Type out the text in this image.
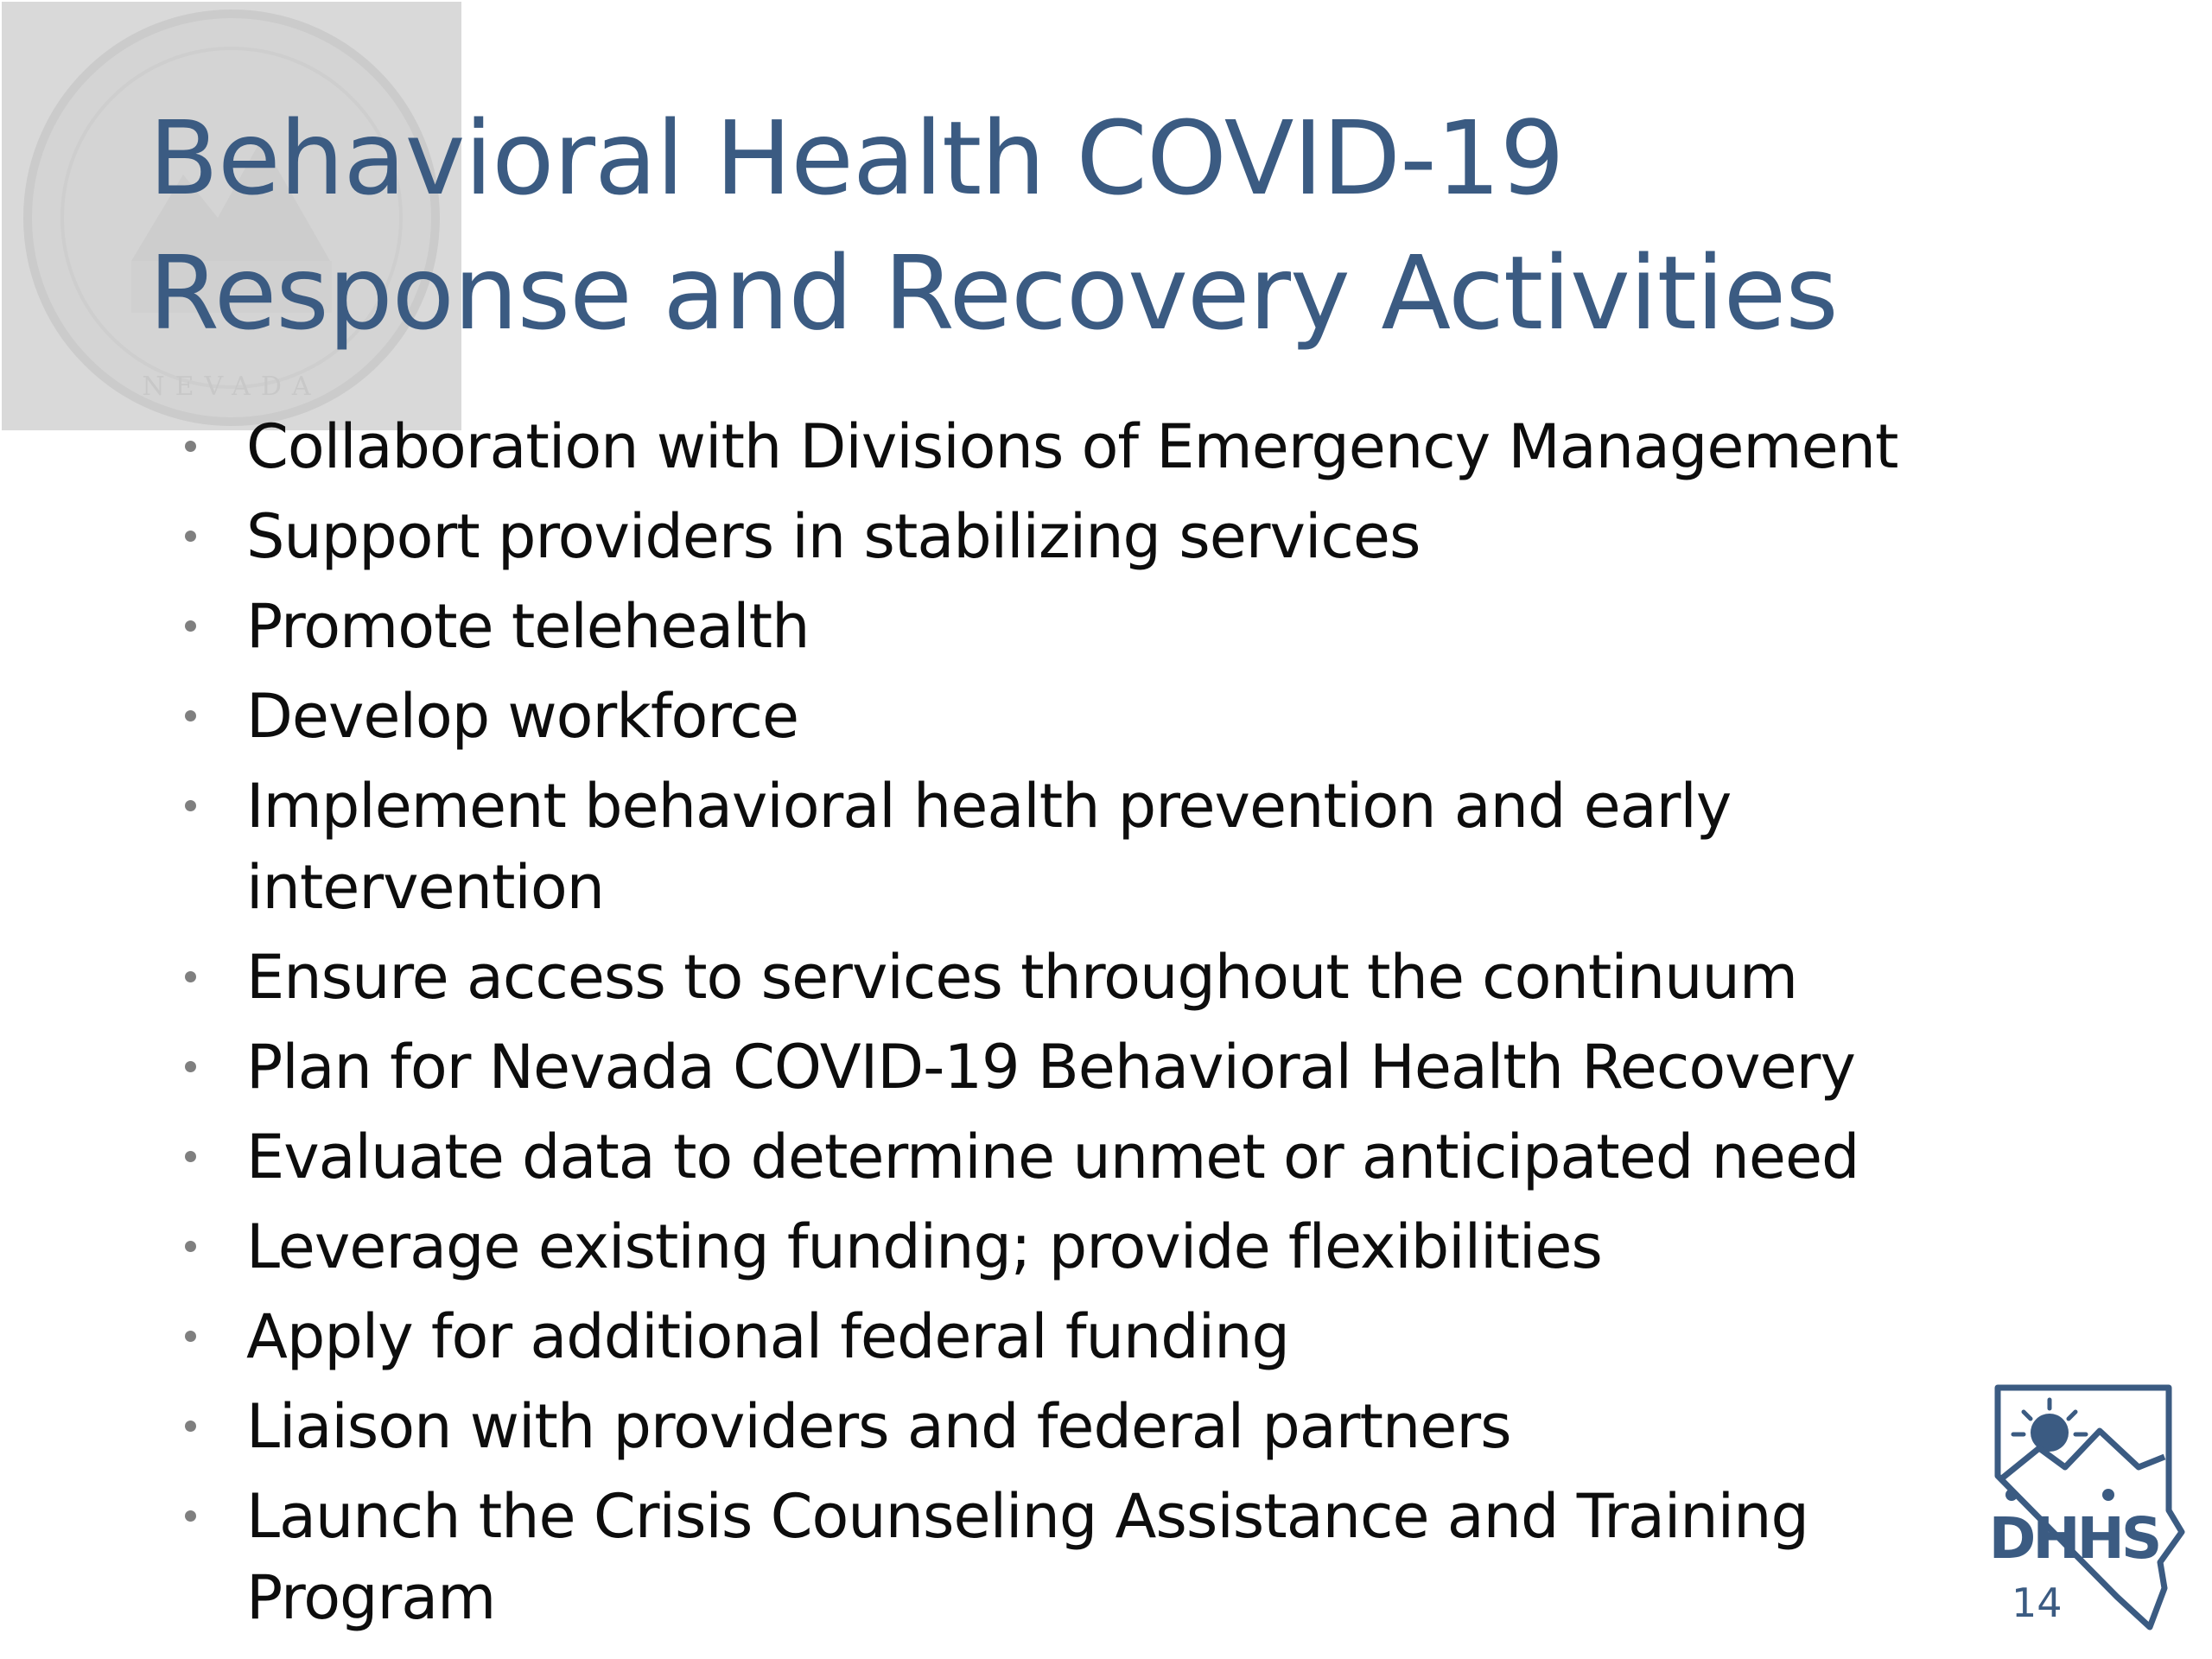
NEVADA
Behavioral Health COVID-19
Response and Recovery Activities
Collaboration with Divisions of Emergency Management
Support providers in stabilizing services
Promote telehealth
Develop workforce
Implement behavioral health prevention and early intervention
Ensure access to services throughout the continuum
Plan for Nevada COVID-19 Behavioral Health Recovery
Evaluate data to determine unmet or anticipated need
Leverage existing funding; provide flexibilities
Apply for additional federal funding
Liaison with providers and federal partners
Launch the Crisis Counseling Assistance and Training Program
DHHS
14
